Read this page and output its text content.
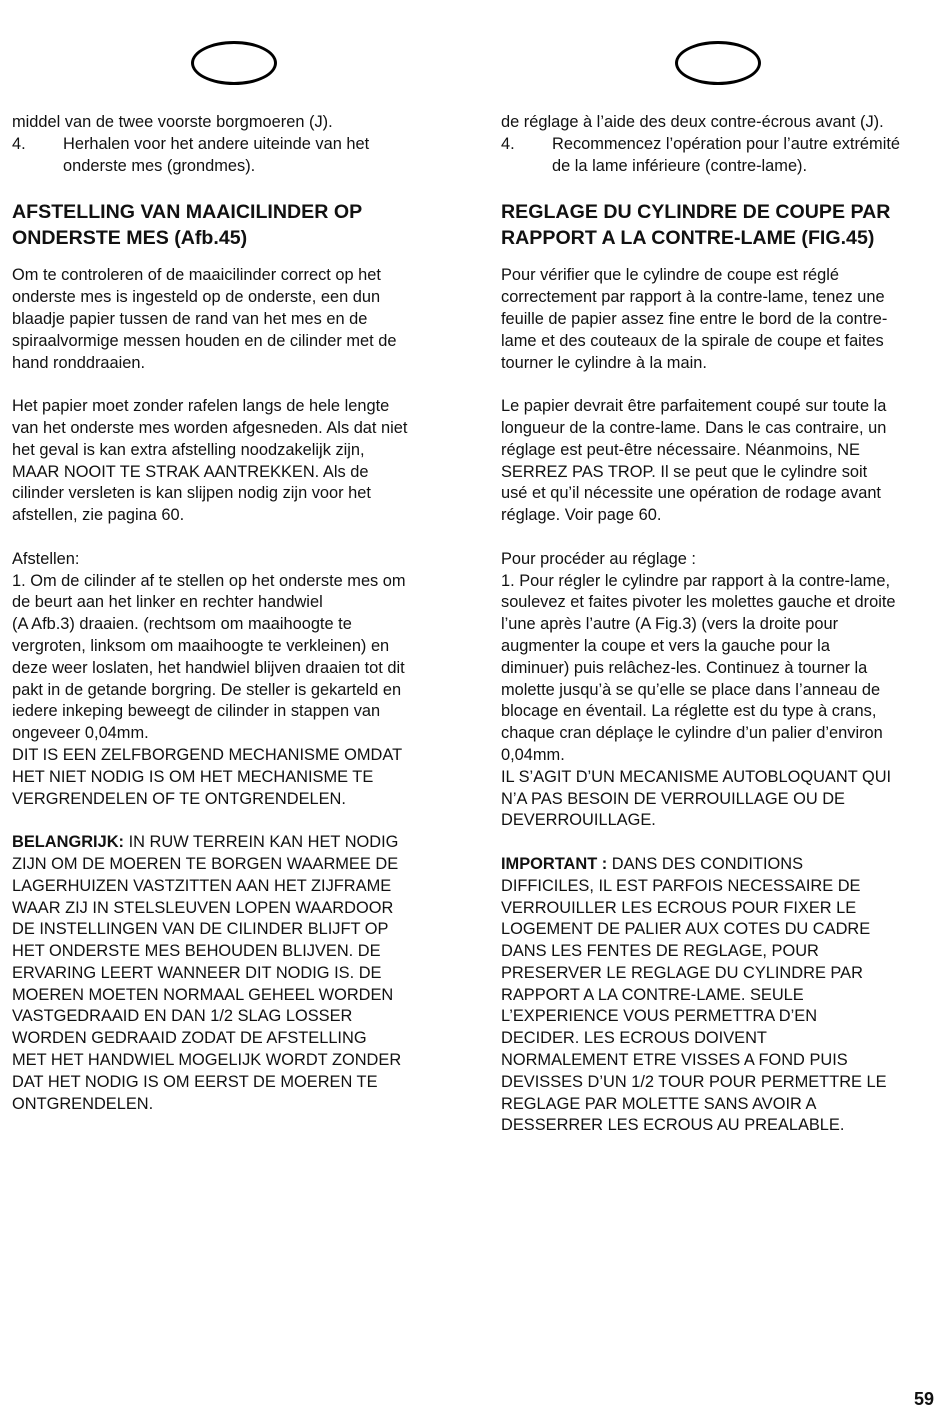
middel van de twee voorste borgmoeren (J).
4.	Herhalen voor het andere uiteinde van het
onderste mes (grondmes).
AFSTELLING VAN MAAICILINDER OP
ONDERSTE MES (Afb.45)
Om te controleren of de maaicilinder correct op het
onderste mes is ingesteld op de onderste, een dun
blaadje papier tussen de rand van het mes en de
spiraalvormige messen houden en de cilinder met de
hand ronddraaien.
Het papier moet zonder rafelen langs de hele lengte
van het onderste mes worden afgesneden. Als dat niet
het geval is kan extra afstelling noodzakelijk zijn,
MAAR NOOIT TE STRAK AANTREKKEN. Als de
cilinder versleten is kan slijpen nodig zijn voor het
afstellen, zie pagina 60.
Afstellen:
1. Om de cilinder af te stellen op het onderste mes om
de beurt aan het linker en rechter handwiel
(A Afb.3) draaien. (rechtsom om maaihoogte te
vergroten, linksom om maaihoogte te verkleinen) en
deze weer loslaten, het handwiel blijven draaien tot dit
pakt in de getande borgring. De steller is gekarteld en
iedere inkeping beweegt de cilinder in stappen van
ongeveer 0,04mm.
DIT IS EEN ZELFBORGEND MECHANISME OMDAT
HET NIET NODIG IS OM HET MECHANISME TE
VERGRENDELEN OF TE ONTGRENDELEN.
BELANGRIJK: IN RUW TERREIN KAN HET NODIG
ZIJN OM DE MOEREN TE BORGEN WAARMEE DE
LAGERHUIZEN VASTZITTEN AAN HET ZIJFRAME
WAAR ZIJ IN STELSLEUVEN LOPEN WAARDOOR
DE INSTELLINGEN VAN DE CILINDER BLIJFT OP
HET ONDERSTE MES BEHOUDEN BLIJVEN. DE
ERVARING LEERT WANNEER DIT NODIG IS. DE
MOEREN MOETEN NORMAAL GEHEEL WORDEN
VASTGEDRAAID EN DAN 1/2 SLAG LOSSER
WORDEN GEDRAAID ZODAT DE AFSTELLING
MET HET HANDWIEL MOGELIJK WORDT ZONDER
DAT HET NODIG IS OM EERST DE MOEREN TE
ONTGRENDELEN.
de réglage à l’aide des deux contre-écrous avant (J).
4.	Recommencez l’opération pour l’autre extrémité
de la lame inférieure (contre-lame).
REGLAGE DU CYLINDRE DE COUPE PAR
RAPPORT A LA CONTRE-LAME (FIG.45)
Pour vérifier que le cylindre de coupe est réglé
correctement par rapport à la contre-lame, tenez une
feuille de papier assez fine entre le bord de la contre-
lame et des couteaux de la spirale de coupe et faites
tourner le cylindre à la main.
Le papier devrait être parfaitement coupé sur toute la
longueur de la contre-lame. Dans le cas contraire, un
réglage est peut-être nécessaire. Néanmoins, NE
SERREZ PAS TROP. Il se peut que le cylindre soit
usé et qu’il nécessite une opération de rodage avant
réglage. Voir page 60.
Pour procéder au réglage :
1. Pour régler le cylindre par rapport à la contre-lame,
soulevez et faites pivoter les molettes gauche et droite
l’une après l’autre (A Fig.3) (vers la droite pour
augmenter la coupe et vers la gauche pour la
diminuer) puis relâchez-les. Continuez à tourner la
molette jusqu’à se qu’elle se place dans l’anneau de
blocage en éventail. La réglette est du type à crans,
chaque cran déplaçe le cylindre d’un palier d’environ
0,04mm.
IL S’AGIT D’UN MECANISME AUTOBLOQUANT QUI
N’A PAS BESOIN DE VERROUILLAGE OU DE
DEVERROUILLAGE.
IMPORTANT : DANS DES CONDITIONS
DIFFICILES, IL EST PARFOIS NECESSAIRE DE
VERROUILLER LES ECROUS POUR FIXER LE
LOGEMENT DE PALIER AUX COTES DU CADRE
DANS LES FENTES DE REGLAGE, POUR
PRESERVER LE REGLAGE DU CYLINDRE PAR
RAPPORT A LA CONTRE-LAME. SEULE
L’EXPERIENCE VOUS PERMETTRA D’EN
DECIDER. LES ECROUS DOIVENT
NORMALEMENT ETRE VISSES A FOND PUIS
DEVISSES D’UN 1/2 TOUR POUR PERMETTRE LE
REGLAGE PAR MOLETTE SANS AVOIR A
DESSERRER LES ECROUS AU PREALABLE.
59
